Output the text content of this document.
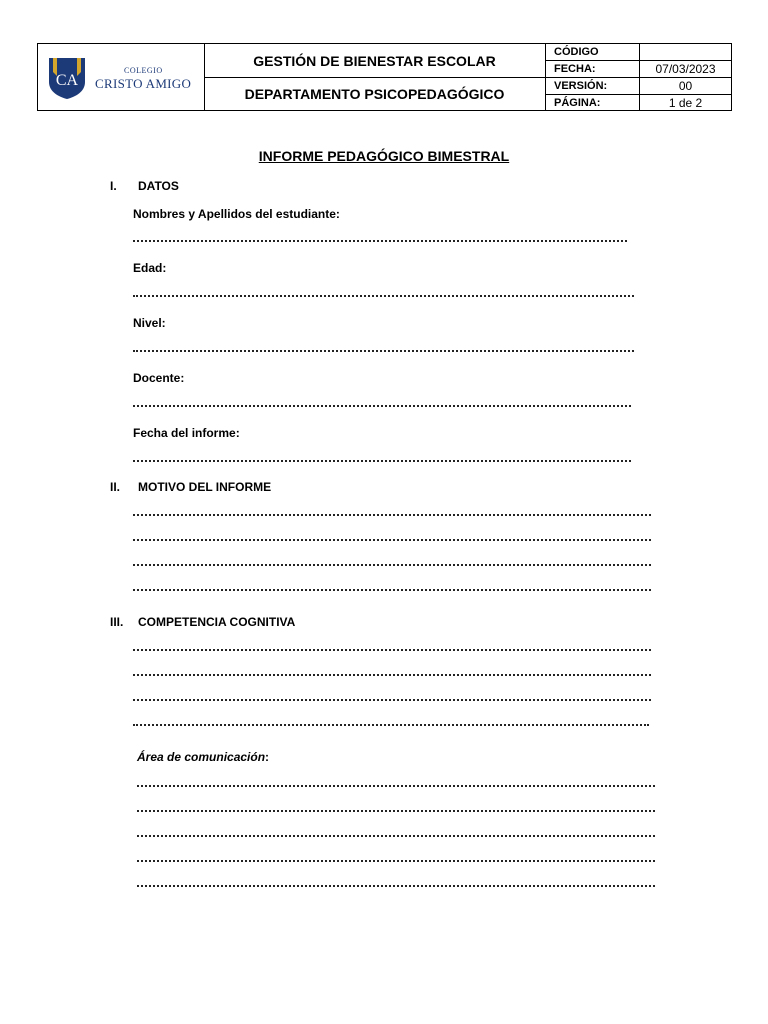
CA
COLEGIO
CRISTO AMIGO
GESTIÓN DE BIENESTAR ESCOLAR
DEPARTAMENTO PSICOPEDAGÓGICO
CÓDIGO
FECHA:	07/03/2023
VERSIÓN:	00
PÁGINA:	1 de 2
INFORME PEDAGÓGICO BIMESTRAL
I. DATOS
Nombres y Apellidos del estudiante:
Edad:
Nivel:
Docente:
Fecha del informe:
II. MOTIVO DEL INFORME
III. COMPETENCIA COGNITIVA
Área de comunicación:
